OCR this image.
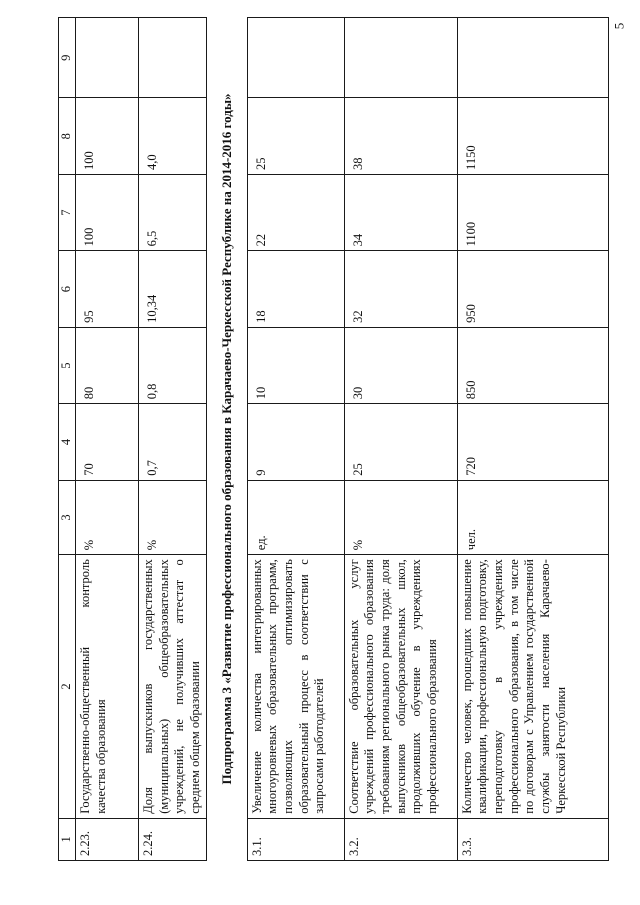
5
1	2	3	4	5	6	7	8	9
2.23.	Государственно-общественный контроль качества образования	%	70	80	95	100	100	
2.24.	Доля выпускников государственных (муниципальных) общеобразовательных учреждений, не получивших аттестат о среднем общем образовании	%	0,7	0,8	10,34	6,5	4,0	
Подпрограмма 3 «Развитие профессионального образования в Карачаево-Черкесской Республике на 2014-2016 годы»								
3.1.	Увеличение количества интегрированных многоуровневых образовательных программ, позволяющих оптимизировать образовательный процесс в соответствии с запросами работодателей	ед.	9	10	18	22	25	
3.2.	Соответствие образовательных услуг учреждений профессионального образования требованиям регионального рынка труда: доля выпускников общеобразовательных школ, продолживших обучение в учреждениях профессионального образования	%	25	30	32	34	38	
3.3.	Количество человек, прошедших повышение квалификации, профессиональную подготовку, переподготовку в учреждениях профессионального образования, в том числе по договорам с Управлением государственной службы занятости населения Карачаево-Черкесской Республики	чел.	720	850	950	1100	1150	
